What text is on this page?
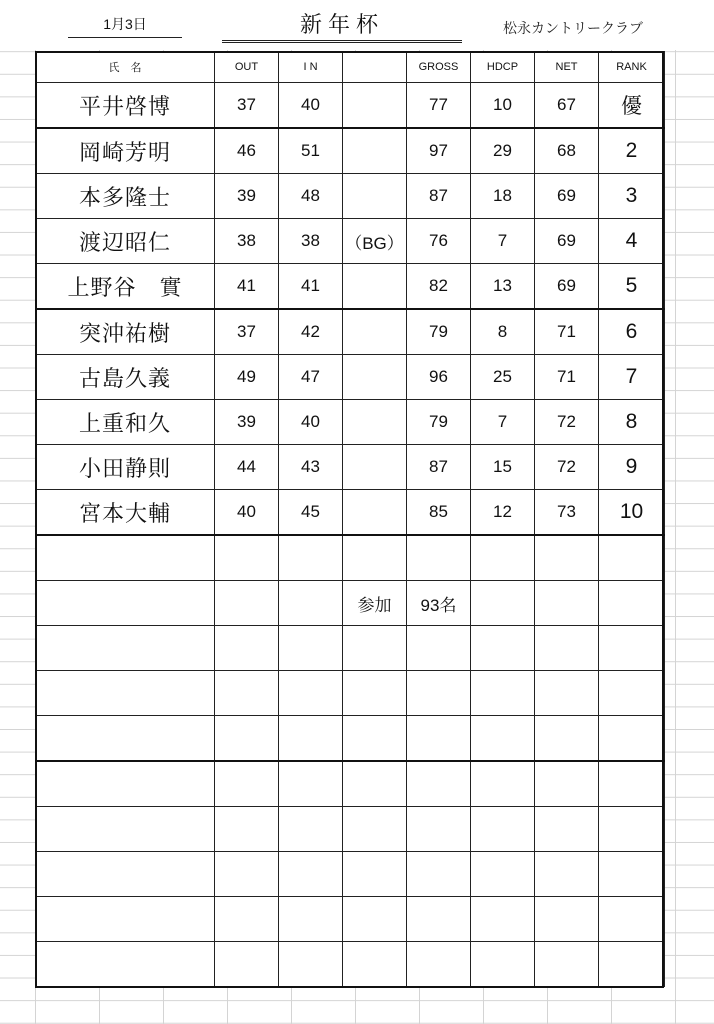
1月3日	新年杯	松永カントリークラブ
氏　名	OUT	I N		GROSS	HDCP	NET	RANK
平井啓博	37	40		77	10	67	優
岡崎芳明	46	51		97	29	68	2
本多隆士	39	48		87	18	69	3
渡辺昭仁	38	38	（BG）	76	7	69	4
上野谷　實	41	41		82	13	69	5
突沖祐樹	37	42		79	8	71	6
古島久義	49	47		96	25	71	7
上重和久	39	40		79	7	72	8
小田静則	44	43		87	15	72	9
宮本大輔	40	45		85	12	73	10

			参加	93名			
